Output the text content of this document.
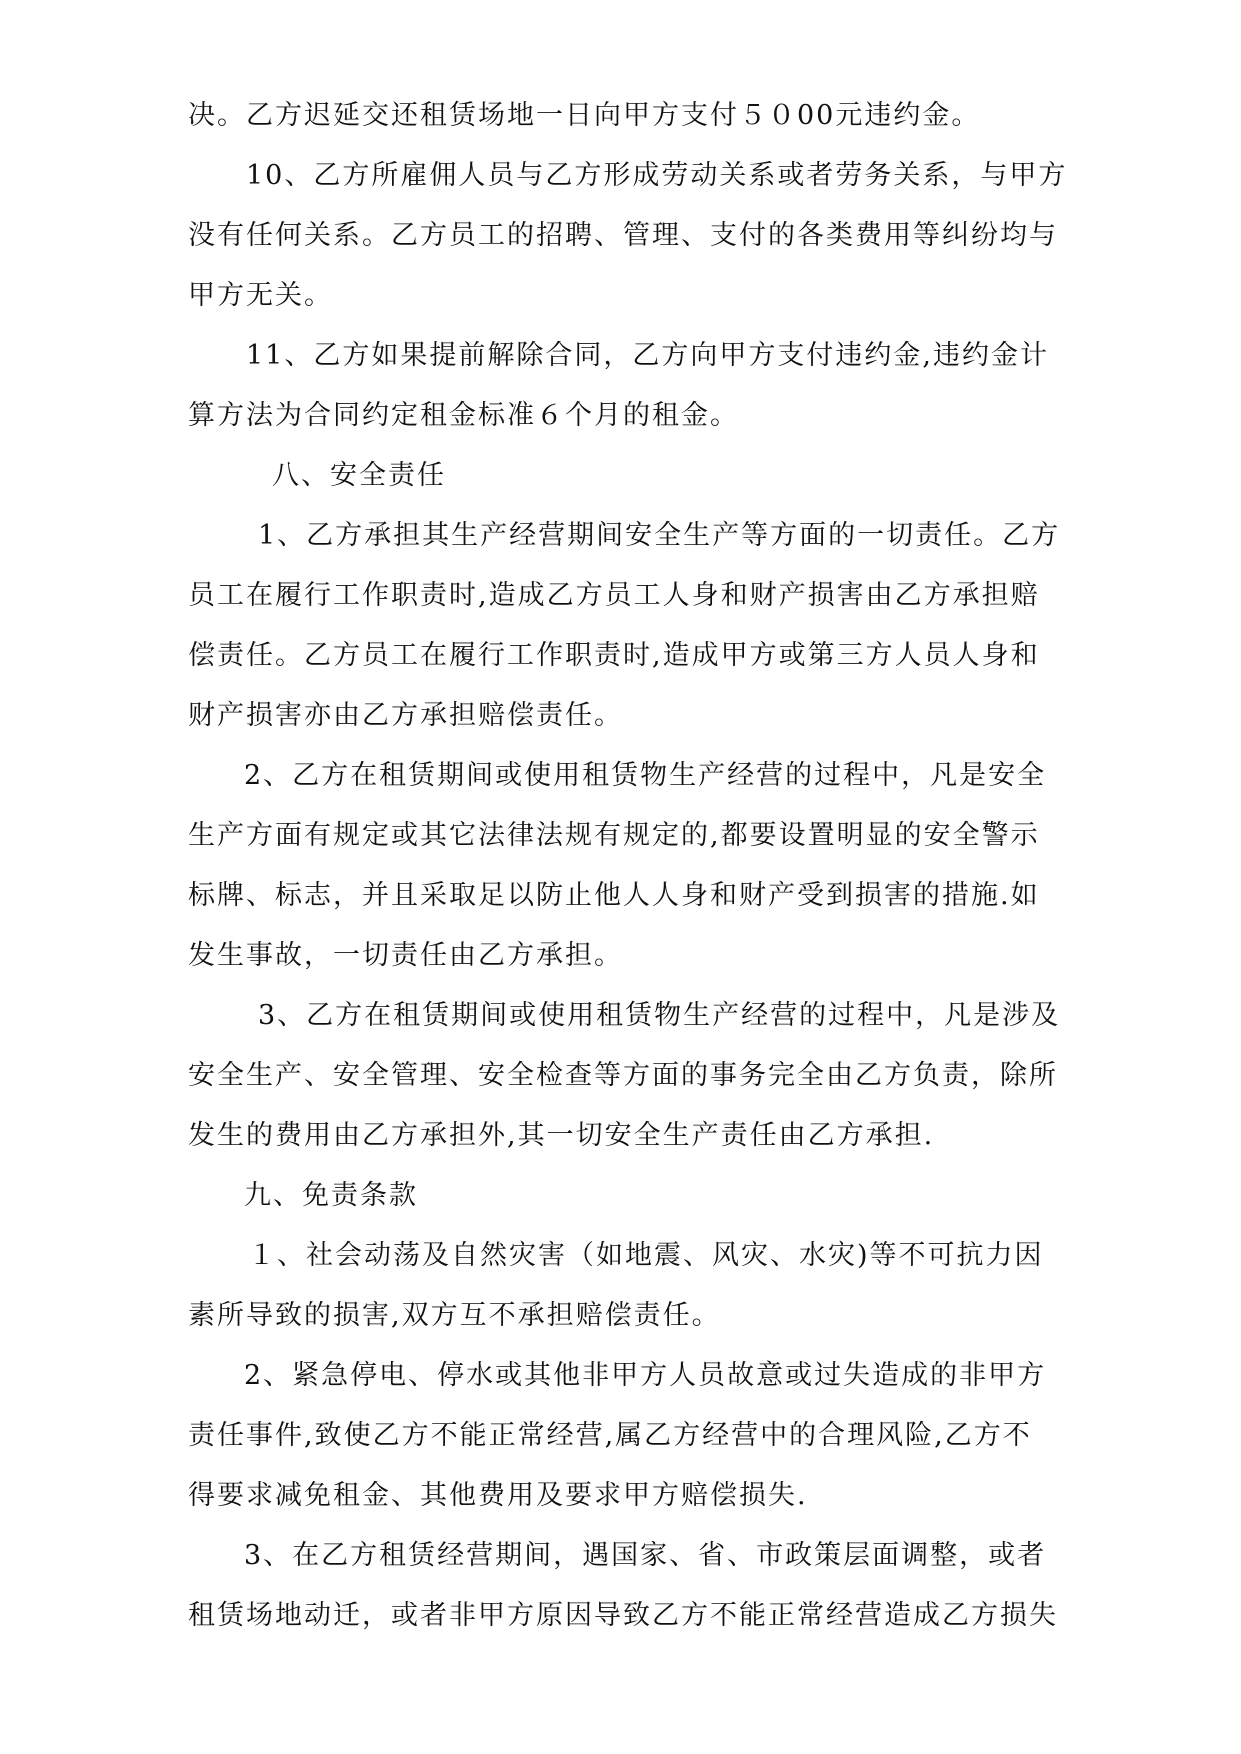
决。乙方迟延交还租赁场地一日向甲方支付５０00元违约金。
10、乙方所雇佣人员与乙方形成劳动关系或者劳务关系，与甲方
没有任何关系。乙方员工的招聘、管理、支付的各类费用等纠纷均与
甲方无关。
11、乙方如果提前解除合同，乙方向甲方支付违约金,违约金计
算方法为合同约定租金标准６个月的租金。
八、安全责任
1、乙方承担其生产经营期间安全生产等方面的一切责任。乙方
员工在履行工作职责时,造成乙方员工人身和财产损害由乙方承担赔
偿责任。乙方员工在履行工作职责时,造成甲方或第三方人员人身和
财产损害亦由乙方承担赔偿责任。
2、乙方在租赁期间或使用租赁物生产经营的过程中，凡是安全
生产方面有规定或其它法律法规有规定的,都要设置明显的安全警示
标牌、标志，并且采取足以防止他人人身和财产受到损害的措施.如
发生事故，一切责任由乙方承担。
3、乙方在租赁期间或使用租赁物生产经营的过程中，凡是涉及
安全生产、安全管理、安全检查等方面的事务完全由乙方负责，除所
发生的费用由乙方承担外,其一切安全生产责任由乙方承担.
九、免责条款
１、社会动荡及自然灾害（如地震、风灾、水灾)等不可抗力因
素所导致的损害,双方互不承担赔偿责任。
2、紧急停电、停水或其他非甲方人员故意或过失造成的非甲方
责任事件,致使乙方不能正常经营,属乙方经营中的合理风险,乙方不
得要求减免租金、其他费用及要求甲方赔偿损失.
3、在乙方租赁经营期间，遇国家、省、市政策层面调整，或者
租赁场地动迁，或者非甲方原因导致乙方不能正常经营造成乙方损失
